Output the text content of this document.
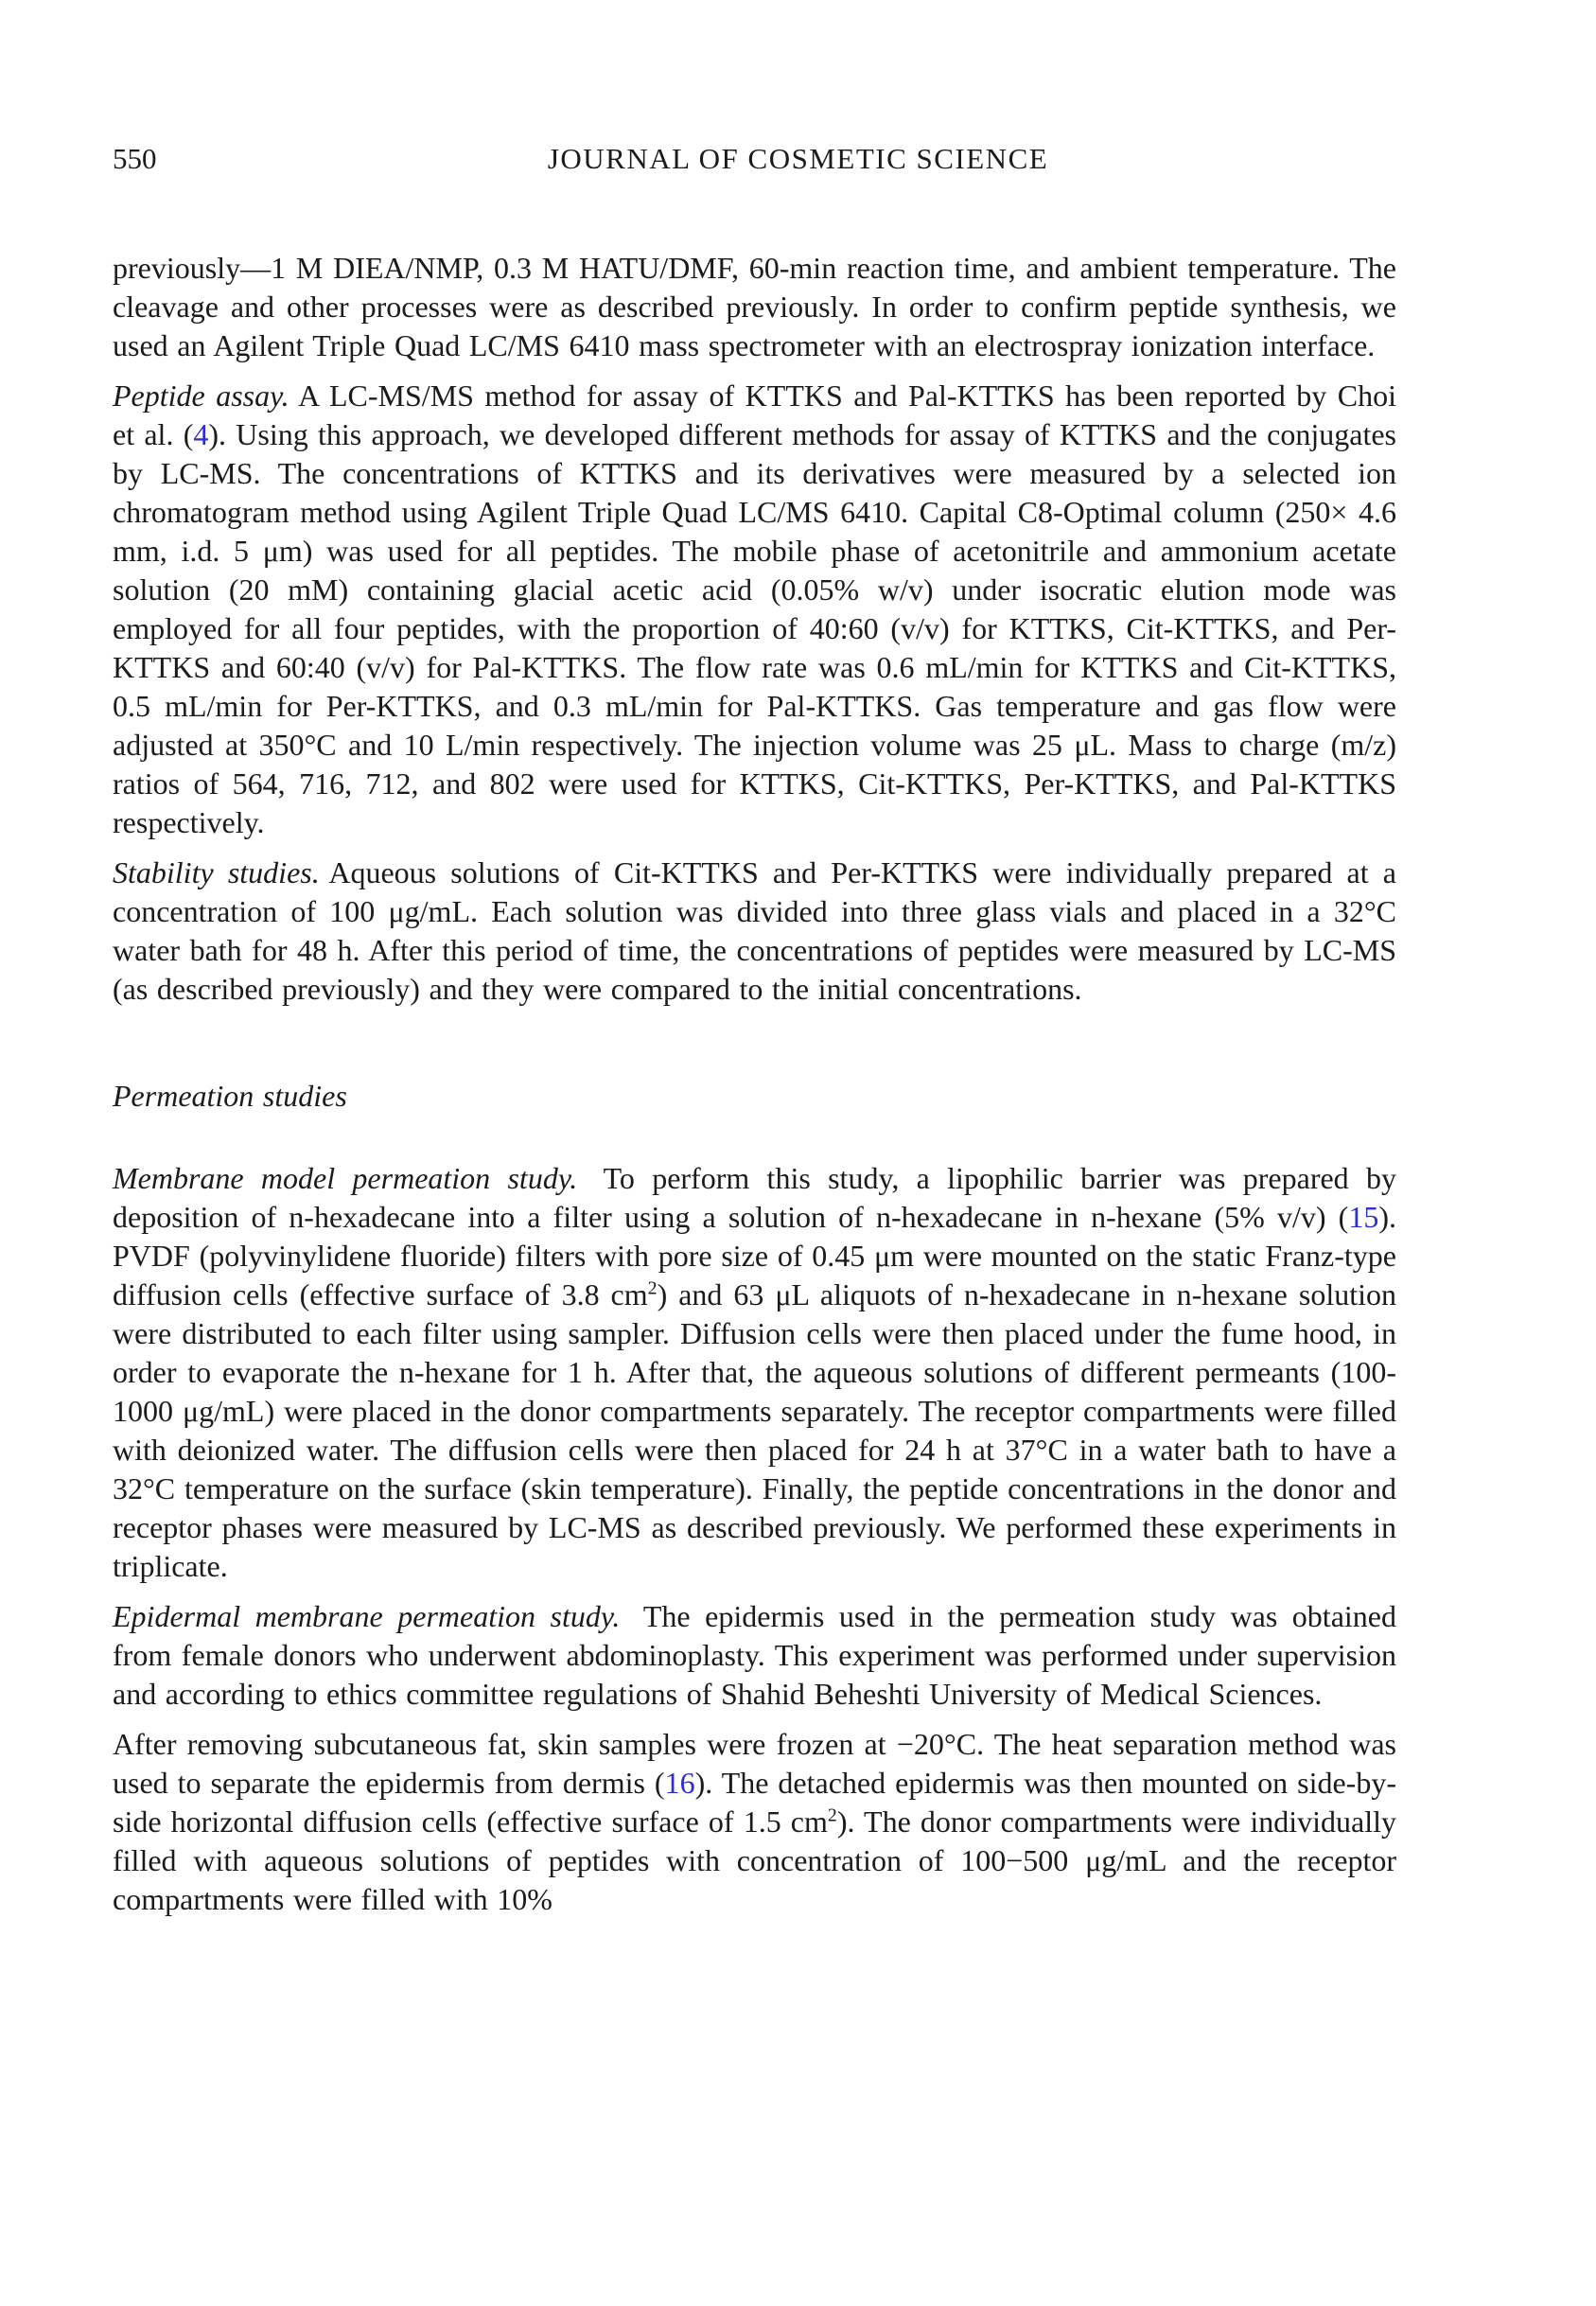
550	JOURNAL OF COSMETIC SCIENCE

previously—1 M DIEA/NMP, 0.3 M HATU/DMF, 60-min reaction time, and ambient temperature. The cleavage and other processes were as described previously. In order to confirm peptide synthesis, we used an Agilent Triple Quad LC/MS 6410 mass spectrometer with an electrospray ionization interface.

Peptide assay. A LC-MS/MS method for assay of KTTKS and Pal-KTTKS has been reported by Choi et al. (4). Using this approach, we developed different methods for assay of KTTKS and the conjugates by LC-MS. The concentrations of KTTKS and its derivatives were measured by a selected ion chromatogram method using Agilent Triple Quad LC/MS 6410. Capital C8-Optimal column (250× 4.6 mm, i.d. 5 μm) was used for all peptides. The mobile phase of acetonitrile and ammonium acetate solution (20 mM) containing glacial acetic acid (0.05% w/v) under isocratic elution mode was employed for all four peptides, with the proportion of 40:60 (v/v) for KTTKS, Cit-KTTKS, and Per-KTTKS and 60:40 (v/v) for Pal-KTTKS. The flow rate was 0.6 mL/min for KTTKS and Cit-KTTKS, 0.5 mL/min for Per-KTTKS, and 0.3 mL/min for Pal-KTTKS. Gas temperature and gas flow were adjusted at 350°C and 10 L/min respectively. The injection volume was 25 μL. Mass to charge (m/z) ratios of 564, 716, 712, and 802 were used for KTTKS, Cit-KTTKS, Per-KTTKS, and Pal-KTTKS respectively.

Stability studies. Aqueous solutions of Cit-KTTKS and Per-KTTKS were individually prepared at a concentration of 100 μg/mL. Each solution was divided into three glass vials and placed in a 32°C water bath for 48 h. After this period of time, the concentrations of peptides were measured by LC-MS (as described previously) and they were compared to the initial concentrations.

Permeation studies

Membrane model permeation study. To perform this study, a lipophilic barrier was prepared by deposition of n-hexadecane into a filter using a solution of n-hexadecane in n-hexane (5% v/v) (15). PVDF (polyvinylidene fluoride) filters with pore size of 0.45 μm were mounted on the static Franz-type diffusion cells (effective surface of 3.8 $cm^2$) and 63 μL aliquots of n-hexadecane in n-hexane solution were distributed to each filter using sampler. Diffusion cells were then placed under the fume hood, in order to evaporate the n-hexane for 1 h. After that, the aqueous solutions of different permeants (100-1000 μg/mL) were placed in the donor compartments separately. The receptor compartments were filled with deionized water. The diffusion cells were then placed for 24 h at 37°C in a water bath to have a 32°C temperature on the surface (skin temperature). Finally, the peptide concentrations in the donor and receptor phases were measured by LC-MS as described previously. We performed these experiments in triplicate.

Epidermal membrane permeation study. The epidermis used in the permeation study was obtained from female donors who underwent abdominoplasty. This experiment was performed under supervision and according to ethics committee regulations of Shahid Beheshti University of Medical Sciences.

After removing subcutaneous fat, skin samples were frozen at −20°C. The heat separation method was used to separate the epidermis from dermis (16). The detached epidermis was then mounted on side-by-side horizontal diffusion cells (effective surface of 1.5 $cm^2$). The donor compartments were individually filled with aqueous solutions of peptides with concentration of 100−500 μg/mL and the receptor compartments were filled with 10%
